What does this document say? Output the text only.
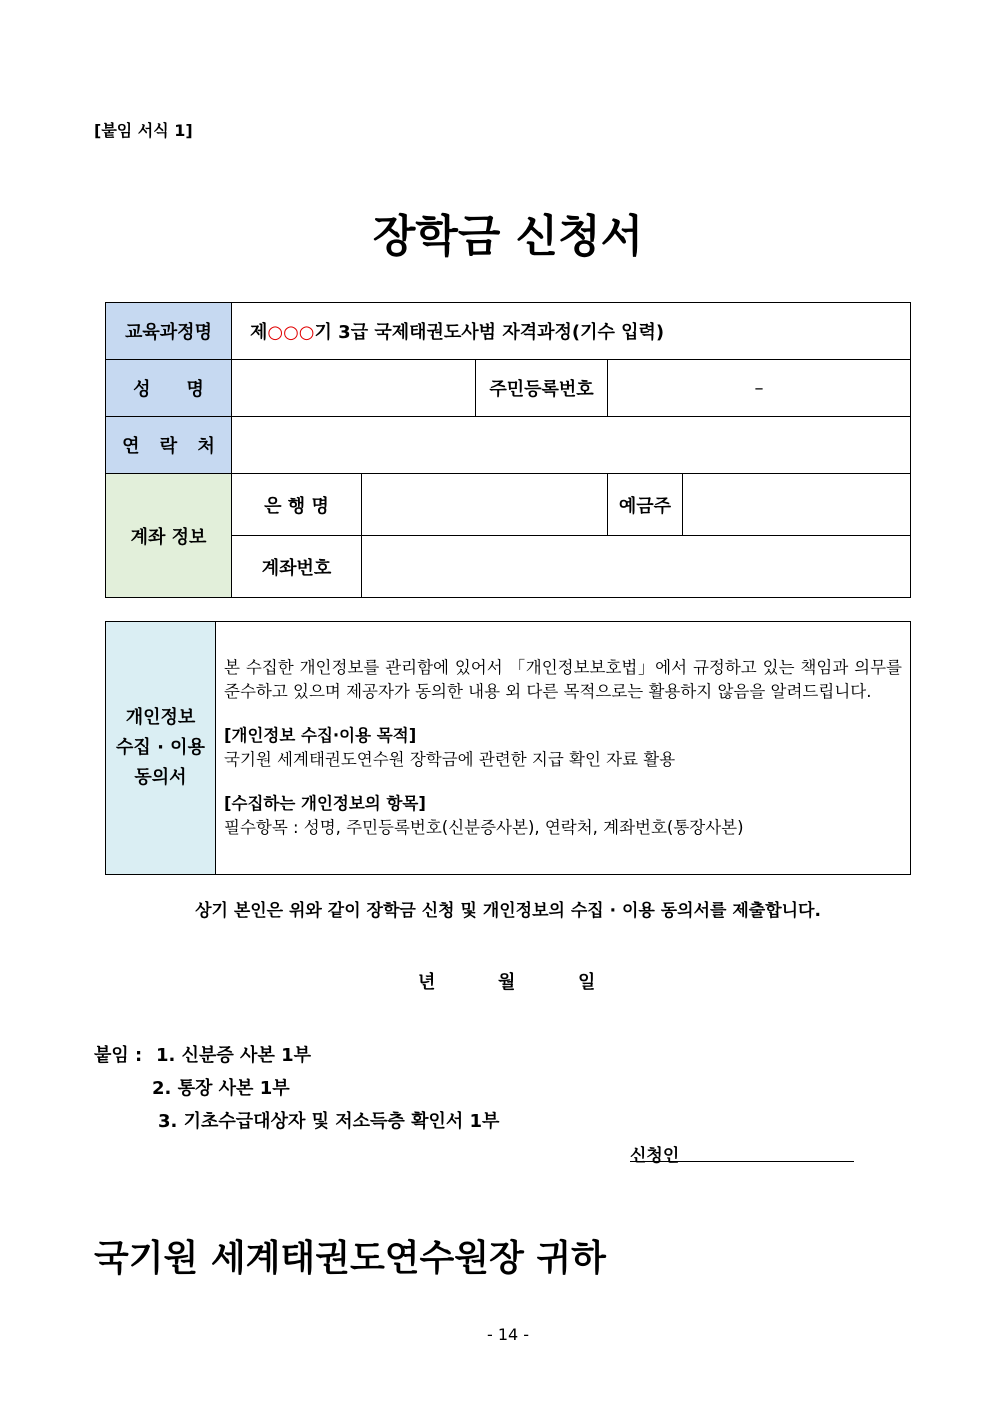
[붙임 서식 1]
장학금 신청서
교육과정명	제○○○기 3급 국제태권도사범 자격과정(기수 입력)				
성　　명			주민등록번호	–	
연 락 처					
계좌 정보	은 행 명			예금주	
	계좌번호				
개인정보
수집 · 이용
동의서

본 수집한 개인정보를 관리함에 있어서 「개인정보보호법」에서 규정하고 있는 책임과 의무를 준수하고 있으며 제공자가 동의한 내용 외 다른 목적으로는 활용하지 않음을 알려드립니다.
[개인정보 수집·이용 목적]
국기원 세계태권도연수원 장학금에 관련한 지급 확인 자료 활용
[수집하는 개인정보의 항목]
필수항목 : 성명, 주민등록번호(신분증사본), 연락처, 계좌번호(통장사본)
상기 본인은 위와 같이 장학금 신청 및 개인정보의 수집 · 이용 동의서를 제출합니다.
년	월	일
붙임 : 1. 신분증 사본 1부
2. 통장 사본 1부
3. 기초수급대상자 및 저소득층 확인서 1부
신청인
국기원 세계태권도연수원장 귀하
- 14 -
